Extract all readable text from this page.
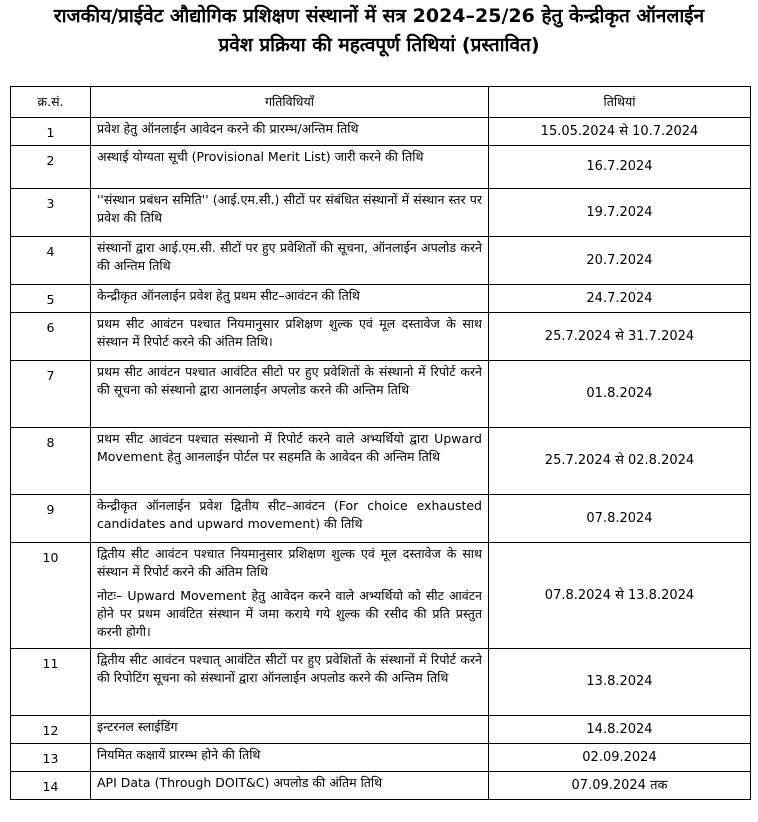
राजकीय/प्राईवेट औद्योगिक प्रशिक्षण संस्थानों में सत्र 2024–25/26 हेतु केन्द्रीकृत ऑनलाईन

प्रवेश प्रक्रिया की महत्वपूर्ण तिथियां (प्रस्तावित)

क्र.सं.	गतिविधियाँ	तिथियां
1	प्रवेश हेतु ऑनलाईन आवेदन करने की प्रारम्भ/अन्तिम तिथि	15.05.2024 से 10.7.2024
2	अस्थाई योग्यता सूची (Provisional Merit List) जारी करने की तिथि	16.7.2024
3	''संस्थान प्रबंधन समिति'' (आई.एम.सी.) सीटों पर संबंधित संस्थानों में संस्थान स्तर पर प्रवेश की तिथि	19.7.2024
4	संस्थानों द्वारा आई.एम.सी. सीटों पर हुए प्रवेशितों की सूचना, ऑनलाईन अपलोड करने की अन्तिम तिथि	20.7.2024
5	केन्द्रीकृत ऑनलाईन प्रवेश हेतु प्रथम सीट–आवंटन की तिथि	24.7.2024
6	प्रथम सीट आवंटन पश्चात नियमानुसार प्रशिक्षण शुल्क एवं मूल दस्तावेज के साथ संस्थान में रिपोर्ट करने की अंतिम तिथि।	25.7.2024 से 31.7.2024
7	प्रथम सीट आवंटन पश्चात आवंटित सीटो पर हुए प्रवेशितों के संस्थानो में रिपोर्ट करने की सूचना को संस्थानो द्वारा आनलाईन अपलोड करने की अन्तिम तिथि	01.8.2024
8	प्रथम सीट आवंटन पश्चात संस्थानो में रिपोर्ट करने वाले अभ्यर्थियो द्वारा Upward Movement हेतु आनलाईन पोर्टल पर सहमति के आवेदन की अन्तिम तिथि	25.7.2024 से 02.8.2024
9	केन्द्रीकृत ऑनलाईन प्रवेश द्वितीय सीट–आवंटन (For choice exhausted candidates and upward movement) की तिथि	07.8.2024
10	द्वितीय सीट आवंटन पश्चात नियमानुसार प्रशिक्षण शुल्क एवं मूल दस्तावेज के साथ संस्थान में रिपोर्ट करने की अंतिम तिथि
नोटः– Upward Movement हेतु आवेदन करने वाले अभ्यर्थियो को सीट आवंटन होने पर प्रथम आवंटित संस्थान में जमा कराये गये शुल्क की रसीद की प्रति प्रस्तुत करनी होगी।	07.8.2024 से 13.8.2024
11	द्वितीय सीट आवंटन पश्चात् आवंटित सीटों पर हुए प्रवेशितों के संस्थानों में रिपोर्ट करने की रिपोटिंग सूचना को संस्थानों द्वारा ऑनलाईन अपलोड करने की अन्तिम तिथि	13.8.2024
12	इन्टरनल स्लाईडिंग	14.8.2024
13	नियमित कक्षायें प्रारम्भ होने की तिथि	02.09.2024
14	API Data (Through DOIT&C) अपलोड की अंतिम तिथि	07.09.2024 तक
